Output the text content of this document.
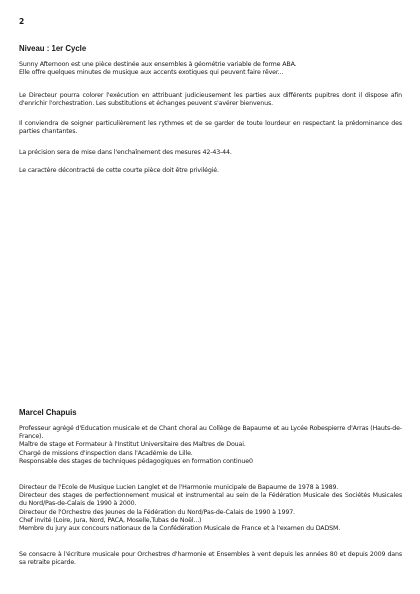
2
Niveau : 1er Cycle

Sunny Afternoon est une pièce destinée aux ensembles à géométrie variable de forme ABA.
Elle offre quelques minutes de musique aux accents exotiques qui peuvent faire rêver...

Le Directeur pourra colorer l'exécution en attribuant judicieusement les parties aux différents pupitres dont il dispose afin d'enrichir l'orchestration. Les substitutions et échanges peuvent s'avérer bienvenus.

Il conviendra de soigner particulièrement les rythmes et de se garder de toute lourdeur en respectant la prédominance des parties chantantes.

La précision sera de mise dans l'enchaînement des mesures 42-43-44.

Le caractère décontracté de cette courte pièce doit être privilégié.

Marcel Chapuis

Professeur agrégé d'Education musicale et de Chant choral au Collège de Bapaume et au Lycée Robespierre d'Arras (Hauts-de-France).
Maître de stage et Formateur à l'Institut Universitaire des Maîtres de Douai.
Chargé de missions d'inspection dans l'Académie de Lille.
Responsable des stages de techniques pédagogiques en formation continue0

Directeur de l'Ecole de Musique Lucien Langlet et de l'Harmonie municipale de Bapaume de 1978 à 1989.
Directeur des stages de perfectionnement musical et instrumental au sein de la Fédération Musicale des Sociétés Musicales du Nord/Pas-de-Calais de 1990 à 2000.
Directeur de l'Orchestre des Jeunes de la Fédération du Nord/Pas-de-Calais de 1990 à 1997.
Chef invité (Loire, Jura, Nord, PACA, Moselle,Tubas de Noël...)
Membre du jury aux concours nationaux de la Confédération Musicale de France et à l'examen du DADSM.

Se consacre à l'écriture musicale pour Orchestres d'harmonie et Ensembles à vent depuis les années 80 et depuis 2009 dans sa retraite picarde.
